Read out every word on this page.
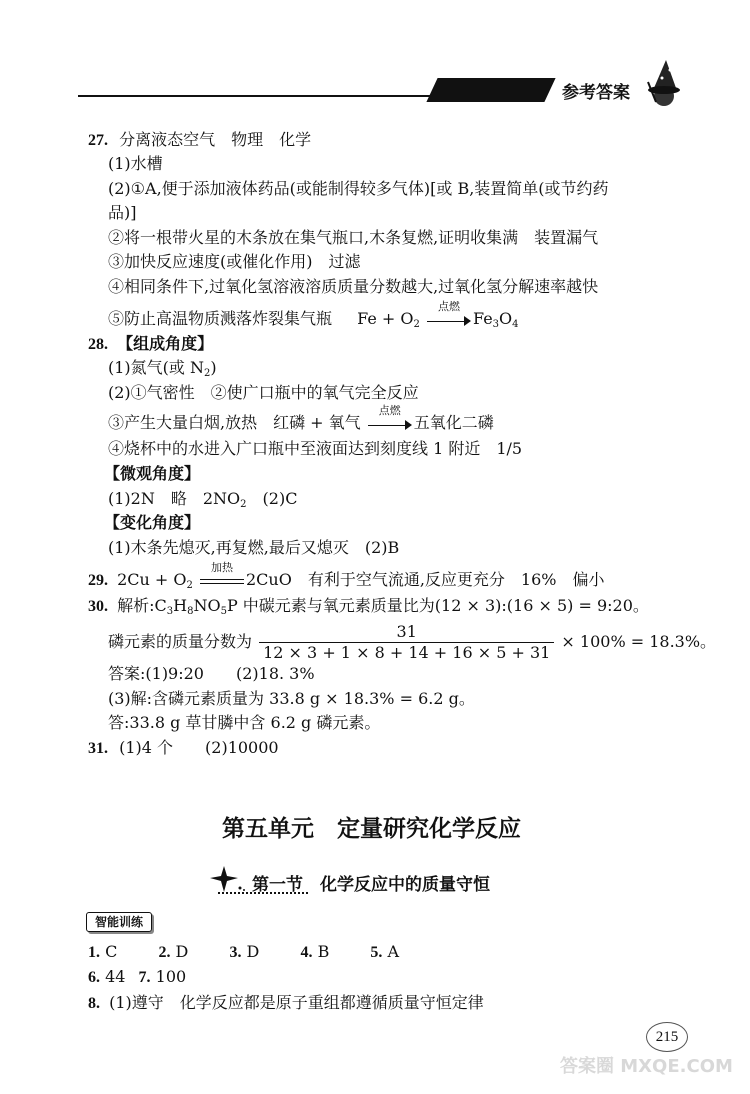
参考答案
27. 分离液态空气　物理　化学
(1)水槽
(2)①A,便于添加液体药品(或能制得较多气体)[或 B,装置简单(或节约药
品)]
②将一根带火星的木条放在集气瓶口,木条复燃,证明收集满　装置漏气
③加快反应速度(或催化作用)　过滤
④相同条件下,过氧化氢溶液溶质质量分数越大,过氧化氢分解速率越快
⑤防止高温物质溅落炸裂集气瓶 $Fe + O_2$
点燃
$Fe_3O_4$
28. 【组成角度】
(1)氮气(或 $N_2$)
(2)①气密性　②使广口瓶中的氧气完全反应
③产生大量白烟,放热　红磷 + 氧气
点燃
五氧化二磷
④烧杯中的水进入广口瓶中至液面达到刻度线 1 附近　1/5
【微观角度】
(1)2N　略　$2NO_2$　(2)C
【变化角度】
(1)木条先熄灭,再复燃,最后又熄灭　(2)B
29. $2Cu + O_2$
加热
2CuO　有利于空气流通,反应更充分　16%　偏小
30. 解析$:C_3H_8NO_5P$ 中碳元素与氧元素质量比为(12 × 3):(16 × 5) = 9:20。
磷元素的质量分数为 $\frac{31}{12 \times 3 + 1 \times 8 + 14 + 16 \times 5 + 31} \times 100\% = 18.3\%$。
答案:(1)9:20　　(2)18. 3%
(3)解:含磷元素质量为 33.8 g × 18.3% = 6.2 g。
答:33.8 g 草甘膦中含 6.2 g 磷元素。
31. (1)4 个　　(2)10000
第五单元　定量研究化学反应
第一节　化学反应中的质量守恒
智能训练
1. C	2. D	3. D	4. B	5. A
6. 44 7. 100
8. (1)遵守　化学反应都是原子重组都遵循质量守恒定律
215
答案圈 MXQE.COM
